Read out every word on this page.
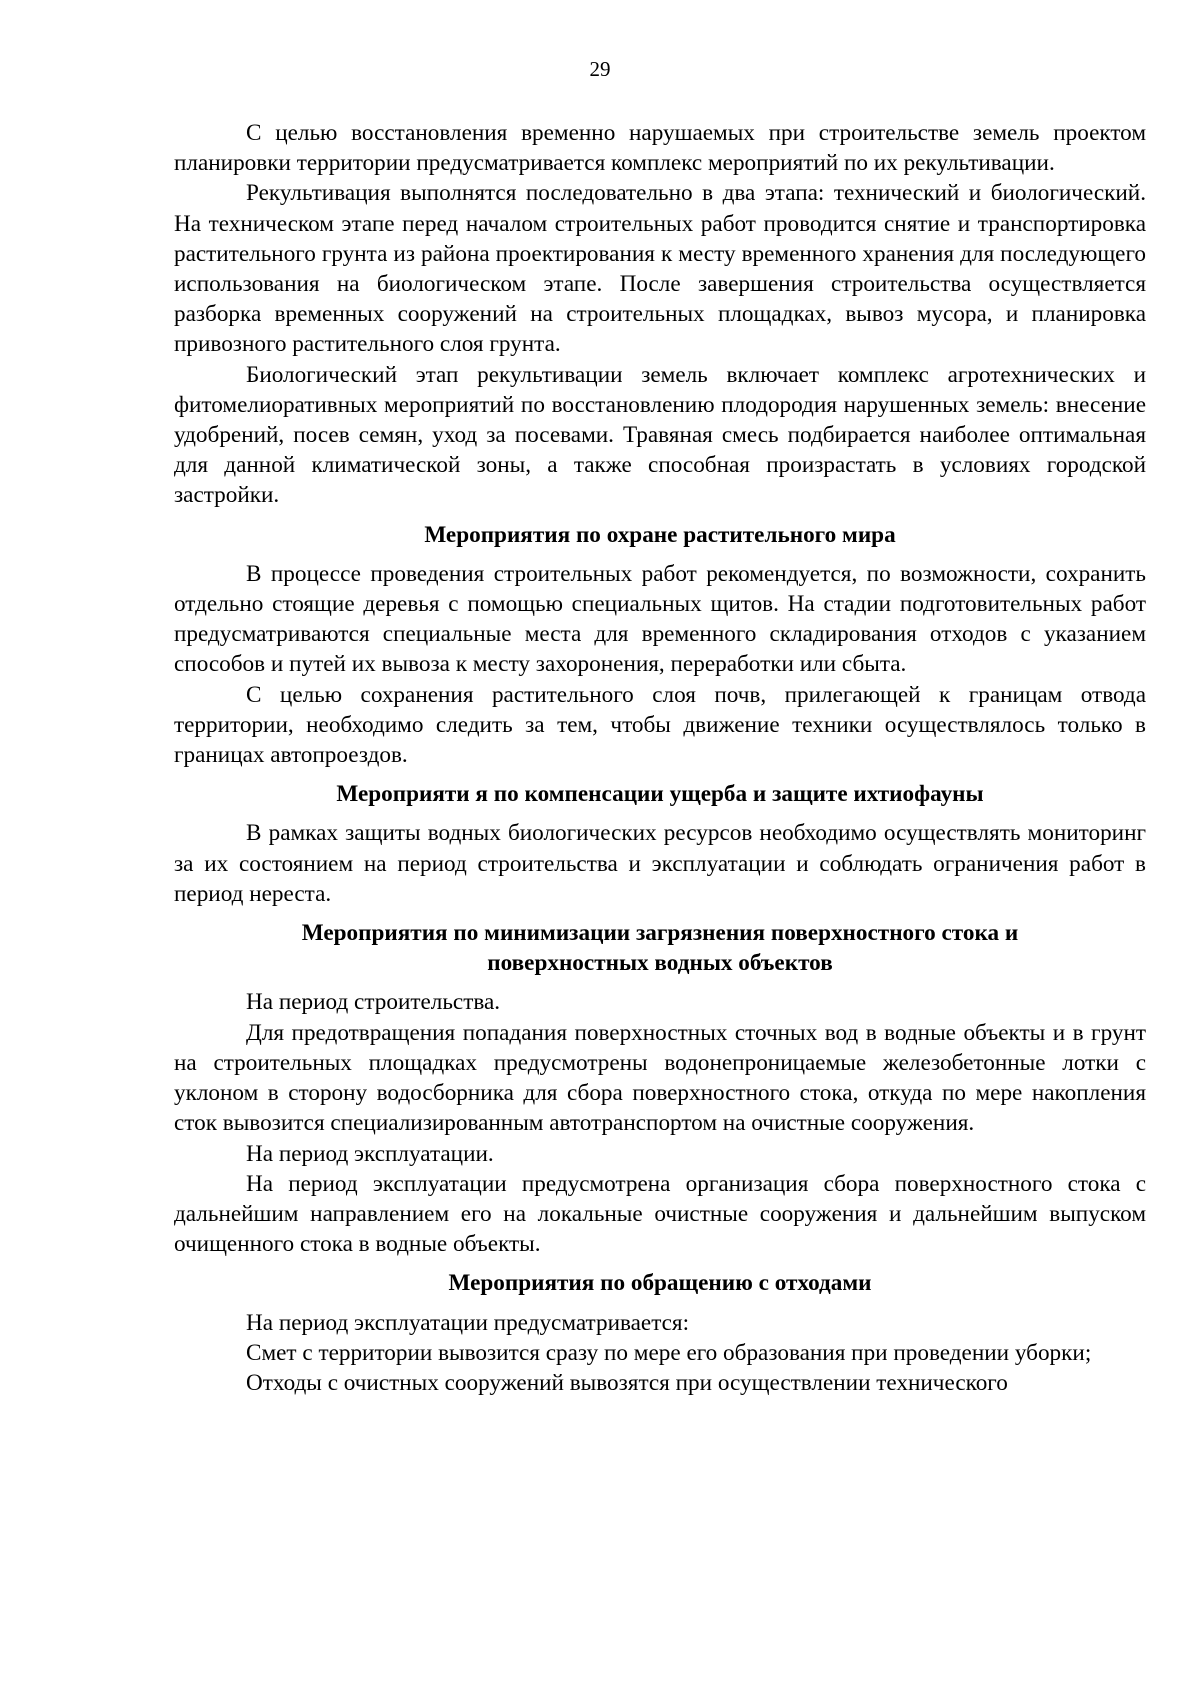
29

С целью восстановления временно нарушаемых при строительстве земель проектом планировки территории предусматривается комплекс мероприятий по их рекультивации.

Рекультивация выполнятся последовательно в два этапа: технический и биологический. На техническом этапе перед началом строительных работ проводится снятие и транспортировка растительного грунта из района проектирования к месту временного хранения для последующего использования на биологическом этапе. После завершения строительства осуществляется разборка временных сооружений на строительных площадках, вывоз мусора, и планировка привозного растительного слоя грунта.

Биологический этап рекультивации земель включает комплекс агротехнических и фитомелиоративных мероприятий по восстановлению плодородия нарушенных земель: внесение удобрений, посев семян, уход за посевами. Травяная смесь подбирается наиболее оптимальная для данной климатической зоны, а также способная произрастать в условиях городской застройки.

Мероприятия по охране растительного мира

В процессе проведения строительных работ рекомендуется, по возможности, сохранить отдельно стоящие деревья с помощью специальных щитов. На стадии подготовительных работ предусматриваются специальные места для временного складирования отходов с указанием способов и путей их вывоза к месту захоронения, переработки или сбыта.

С целью сохранения растительного слоя почв, прилегающей к границам отвода территории, необходимо следить за тем, чтобы движение техники осуществлялось только в границах автопроездов.

Мероприяти я по компенсации ущерба и защите ихтиофауны

В рамках защиты водных биологических ресурсов необходимо осуществлять мониторинг за их состоянием на период строительства и эксплуатации и соблюдать ограничения работ в период нереста.

Мероприятия по минимизации загрязнения поверхностного стока и
поверхностных водных объектов

На период строительства.

Для предотвращения попадания поверхностных сточных вод в водные объекты и в грунт на строительных площадках предусмотрены водонепроницаемые железобетонные лотки с уклоном в сторону водосборника для сбора поверхностного стока, откуда по мере накопления сток вывозится специализированным автотранспортом на очистные сооружения.

На период эксплуатации.

На период эксплуатации предусмотрена организация сбора поверхностного стока с дальнейшим направлением его на локальные очистные сооружения и дальнейшим выпуском очищенного стока в водные объекты.

Мероприятия по обращению с отходами

На период эксплуатации предусматривается:

Смет с территории вывозится сразу по мере его образования при проведении уборки;

Отходы с очистных сооружений вывозятся при осуществлении технического
